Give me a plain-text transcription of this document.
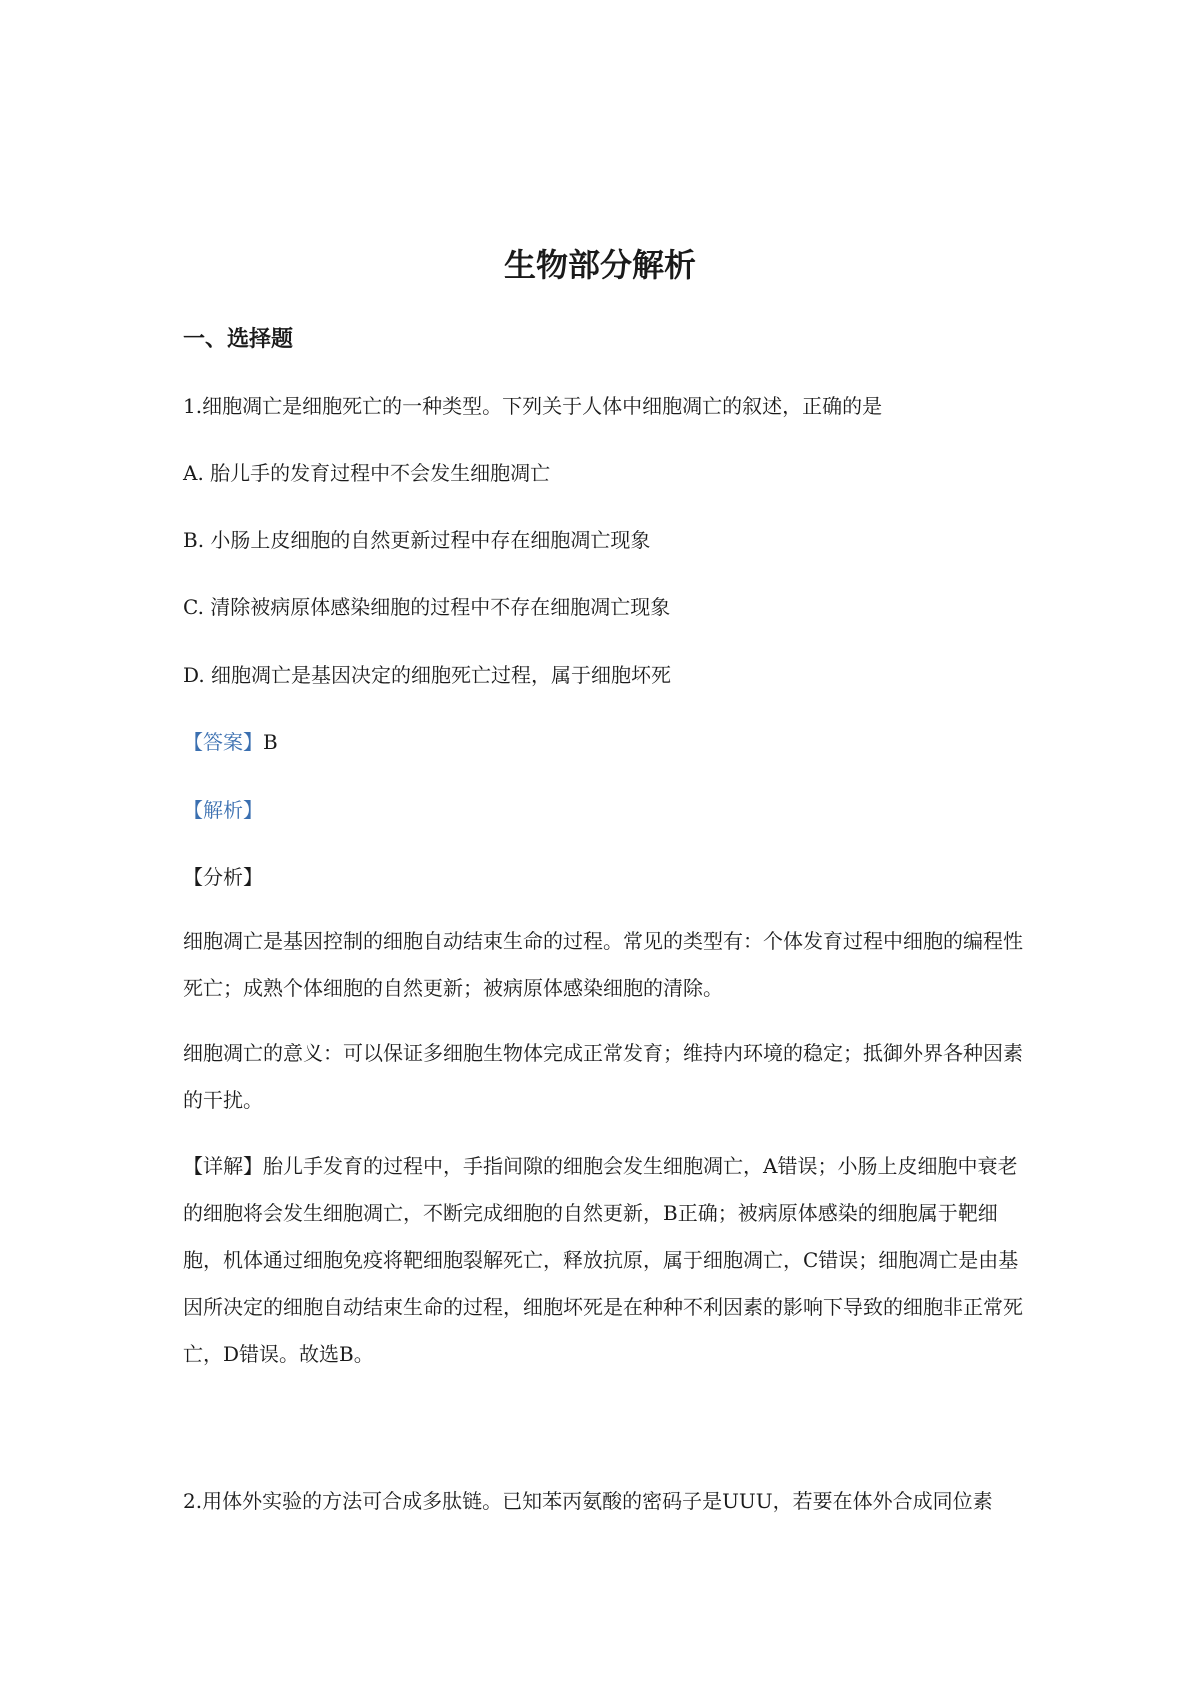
生物部分解析
一、选择题

1.细胞凋亡是细胞死亡的一种类型。下列关于人体中细胞凋亡的叙述，正确的是

A. 胎儿手的发育过程中不会发生细胞凋亡

B. 小肠上皮细胞的自然更新过程中存在细胞凋亡现象

C. 清除被病原体感染细胞的过程中不存在细胞凋亡现象

D. 细胞凋亡是基因决定的细胞死亡过程，属于细胞坏死

【答案】B

【解析】

【分析】

细胞凋亡是基因控制的细胞自动结束生命的过程。常见的类型有：个体发育过程中细胞的编程性死亡；成熟个体细胞的自然更新；被病原体感染细胞的清除。

细胞凋亡的意义：可以保证多细胞生物体完成正常发育；维持内环境的稳定；抵御外界各种因素的干扰。

【详解】胎儿手发育的过程中，手指间隙的细胞会发生细胞凋亡，A错误；小肠上皮细胞中衰老的细胞将会发生细胞凋亡，不断完成细胞的自然更新，B正确；被病原体感染的细胞属于靶细胞，机体通过细胞免疫将靶细胞裂解死亡，释放抗原，属于细胞凋亡，C错误；细胞凋亡是由基因所决定的细胞自动结束生命的过程，细胞坏死是在种种不利因素的影响下导致的细胞非正常死亡，D错误。故选B。

2.用体外实验的方法可合成多肽链。已知苯丙氨酸的密码子是UUU，若要在体外合成同位素
